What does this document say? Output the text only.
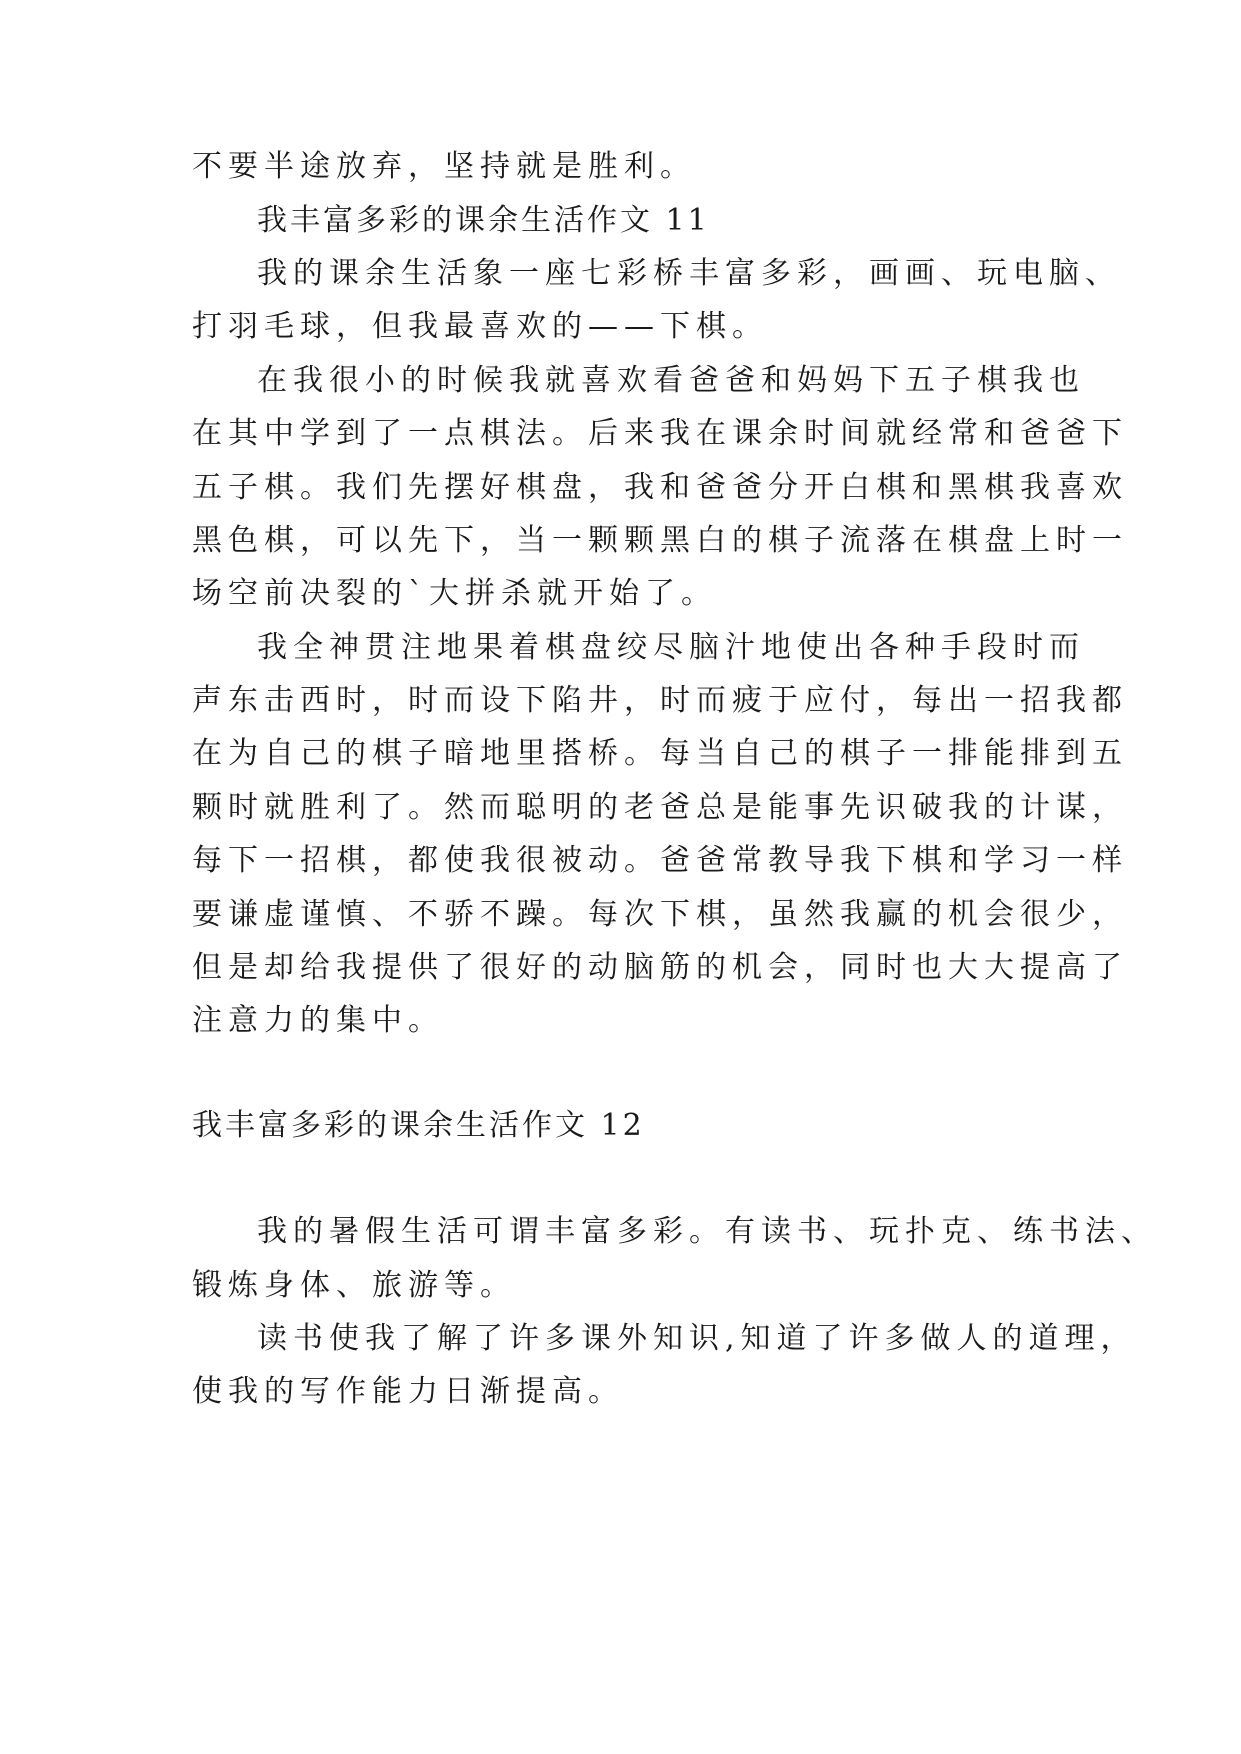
不要半途放弃，坚持就是胜利。
我丰富多彩的课余生活作文 11
我的课余生活象一座七彩桥丰富多彩，画画、玩电脑、
打羽毛球，但我最喜欢的——下棋。
在我很小的时候我就喜欢看爸爸和妈妈下五子棋我也
在其中学到了一点棋法。后来我在课余时间就经常和爸爸下
五子棋。我们先摆好棋盘，我和爸爸分开白棋和黑棋我喜欢
黑色棋，可以先下，当一颗颗黑白的棋子流落在棋盘上时一
场空前决裂的`大拼杀就开始了。
我全神贯注地果着棋盘绞尽脑汁地使出各种手段时而
声东击西时，时而设下陷井，时而疲于应付，每出一招我都
在为自己的棋子暗地里搭桥。每当自己的棋子一排能排到五
颗时就胜利了。然而聪明的老爸总是能事先识破我的计谋，
每下一招棋，都使我很被动。爸爸常教导我下棋和学习一样
要谦虚谨慎、不骄不躁。每次下棋，虽然我赢的机会很少，
但是却给我提供了很好的动脑筋的机会，同时也大大提高了
注意力的集中。
我丰富多彩的课余生活作文 12
我的暑假生活可谓丰富多彩。有读书、玩扑克、练书法、
锻炼身体、旅游等。
读书使我了解了许多课外知识,知道了许多做人的道理，
使我的写作能力日渐提高。
